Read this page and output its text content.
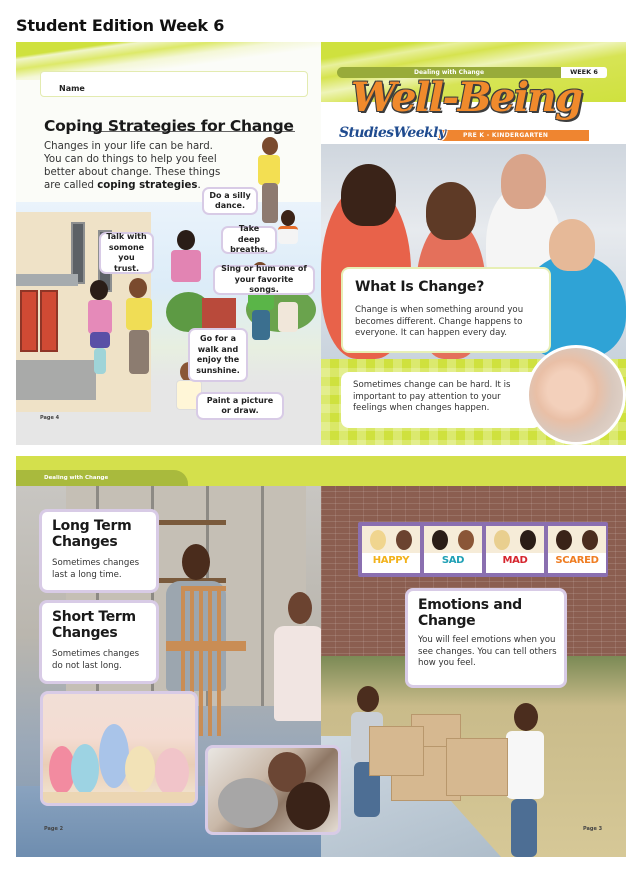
Student Edition Week 6
Name
Coping Strategies for Change
Changes in your life can be hard.
You can do things to help you feel
better about change. These things
are called coping strategies.
Do a silly dance.
Take deep breaths.
Talk with somone you trust.	Sing or hum one of your favorite songs.
Go for a walk and enjoy the sunshine.
Paint a picture or draw.
Page 4
Dealing with Change	WEEK 6
Well-Being
PRE K - KINDERGARTEN
StudiesWeekly
What Is Change?
Change is when something around you becomes different. Change happens to everyone. It can happen every day.
Sometimes change can be hard. It is important to pay attention to your feelings when changes happen.
Dealing with Change
HAPPY	SAD	MAD	SCARED
Emotions and
Change
You will feel emotions when you see changes. You can tell others how you feel.
Page 3
Long Term
Changes
Sometimes changes last a long time.
Short Term
Changes
Sometimes changes do not last long.
Page 2
